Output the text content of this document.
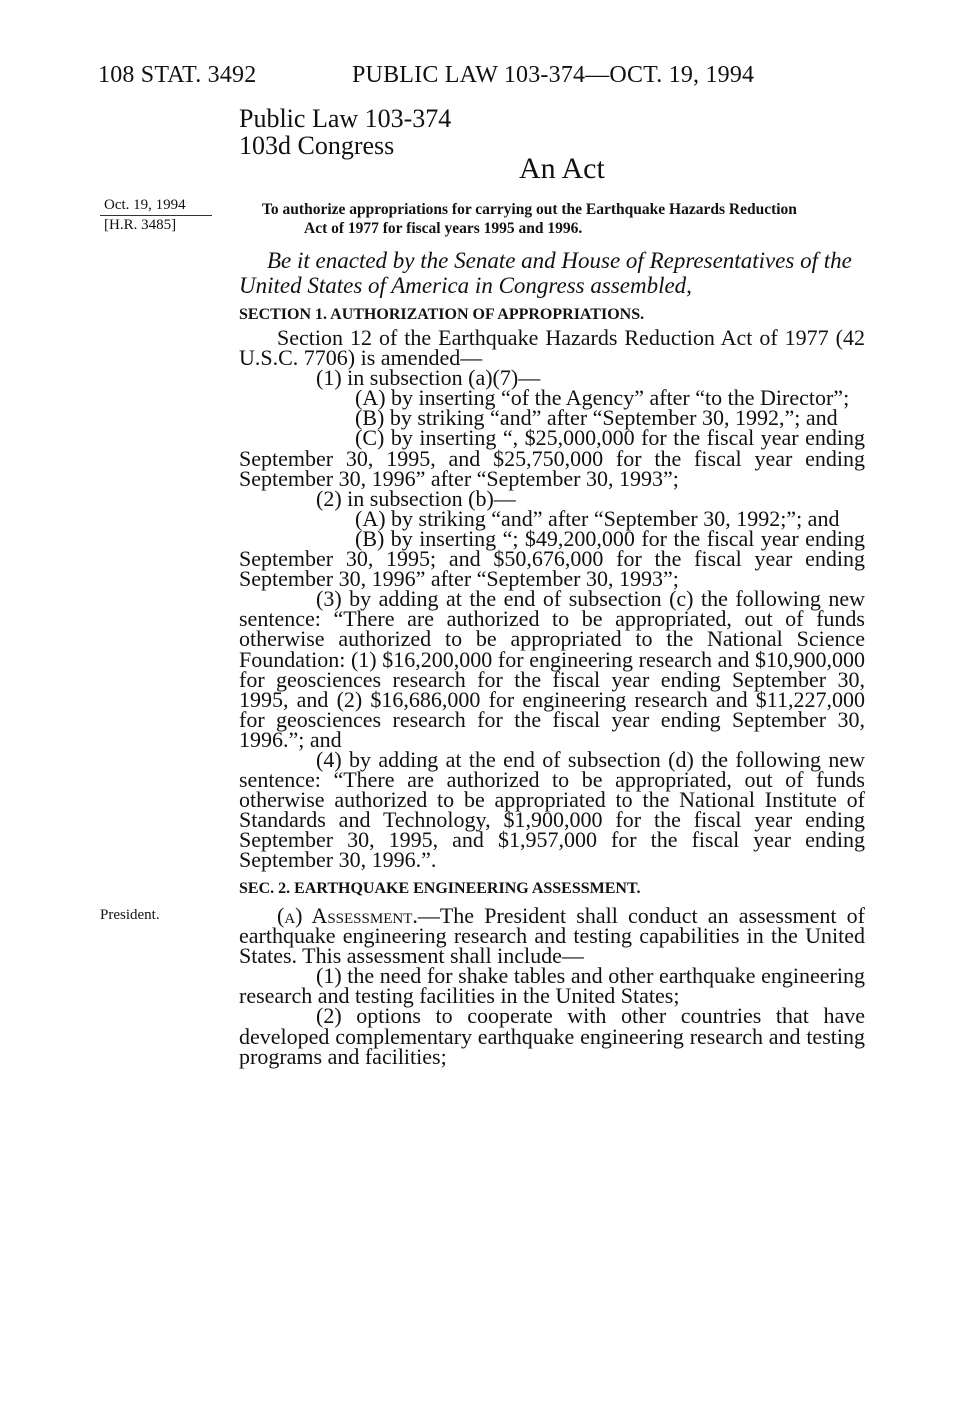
108 STAT. 3492	PUBLIC LAW 103-374—OCT. 19, 1994
Public Law 103-374
103d Congress
An Act
Oct. 19, 1994
[H.R. 3485]
To authorize appropriations for carrying out the Earthquake Hazards Reduction
Act of 1977 for fiscal years 1995 and 1996.
Be it enacted by the Senate and House of Representatives of the United States of America in Congress assembled,
SECTION 1. AUTHORIZATION OF APPROPRIATIONS.

Section 12 of the Earthquake Hazards Reduction Act of 1977 (42 U.S.C. 7706) is amended—

(1) in subsection (a)(7)—

(A) by inserting “of the Agency” after “to the Director”;

(B) by striking “and” after “September 30, 1992,”; and

(C) by inserting “, $25,000,000 for the fiscal year ending September 30, 1995, and $25,750,000 for the fiscal year ending September 30, 1996” after “September 30, 1993”;

(2) in subsection (b)—

(A) by striking “and” after “September 30, 1992;”; and

(B) by inserting “; $49,200,000 for the fiscal year ending September 30, 1995; and $50,676,000 for the fiscal year ending September 30, 1996” after “September 30, 1993”;

(3) by adding at the end of subsection (c) the following new sentence: “There are authorized to be appropriated, out of funds otherwise authorized to be appropriated to the National Science Foundation: (1) $16,200,000 for engineering research and $10,900,000 for geosciences research for the fiscal year ending September 30, 1995, and (2) $16,686,000 for engineering research and $11,227,000 for geosciences research for the fiscal year ending September 30, 1996.”; and

(4) by adding at the end of subsection (d) the following new sentence: “There are authorized to be appropriated, out of funds otherwise authorized to be appropriated to the National Institute of Standards and Technology, $1,900,000 for the fiscal year ending September 30, 1995, and $1,957,000 for the fiscal year ending September 30, 1996.”.

SEC. 2. EARTHQUAKE ENGINEERING ASSESSMENT.
President.	(a) Assessment.—The President shall conduct an assessment of earthquake engineering research and testing capabilities in the United States. This assessment shall include—

(1) the need for shake tables and other earthquake engineering research and testing facilities in the United States;

(2) options to cooperate with other countries that have developed complementary earthquake engineering research and testing programs and facilities;
